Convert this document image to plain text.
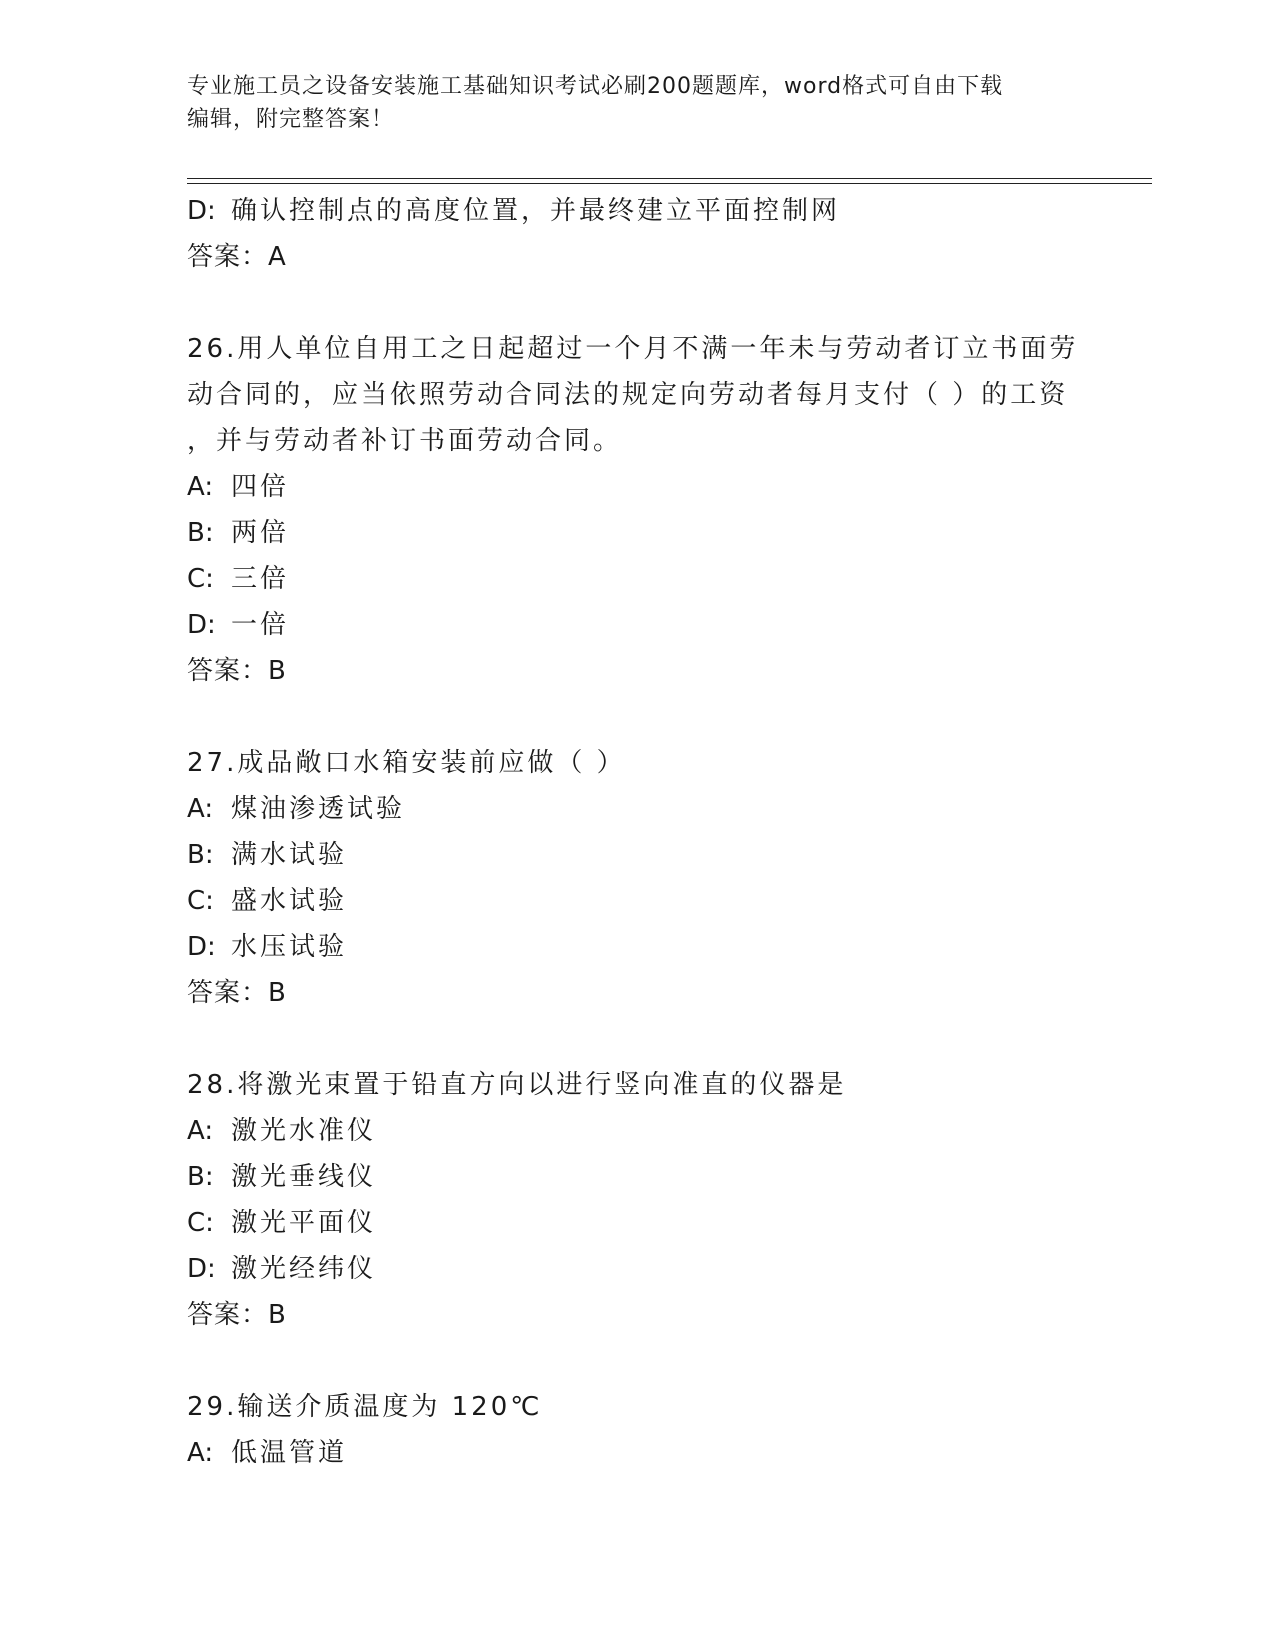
专业施工员之设备安装施工基础知识考试必刷200题题库，word格式可自由下载
编辑，附完整答案！
D: 确认控制点的高度位置，并最终建立平面控制网
答案：A
26.用人单位自用工之日起超过一个月不满一年未与劳动者订立书面劳
动合同的，应当依照劳动合同法的规定向劳动者每月支付（ ）的工资
，并与劳动者补订书面劳动合同。
A: 四倍
B: 两倍
C: 三倍
D: 一倍
答案：B
27.成品敞口水箱安装前应做（ ）
A: 煤油渗透试验
B: 满水试验
C: 盛水试验
D: 水压试验
答案：B
28.将激光束置于铅直方向以进行竖向准直的仪器是
A: 激光水准仪
B: 激光垂线仪
C: 激光平面仪
D: 激光经纬仪
答案：B
29.输送介质温度为 120℃
A: 低温管道
